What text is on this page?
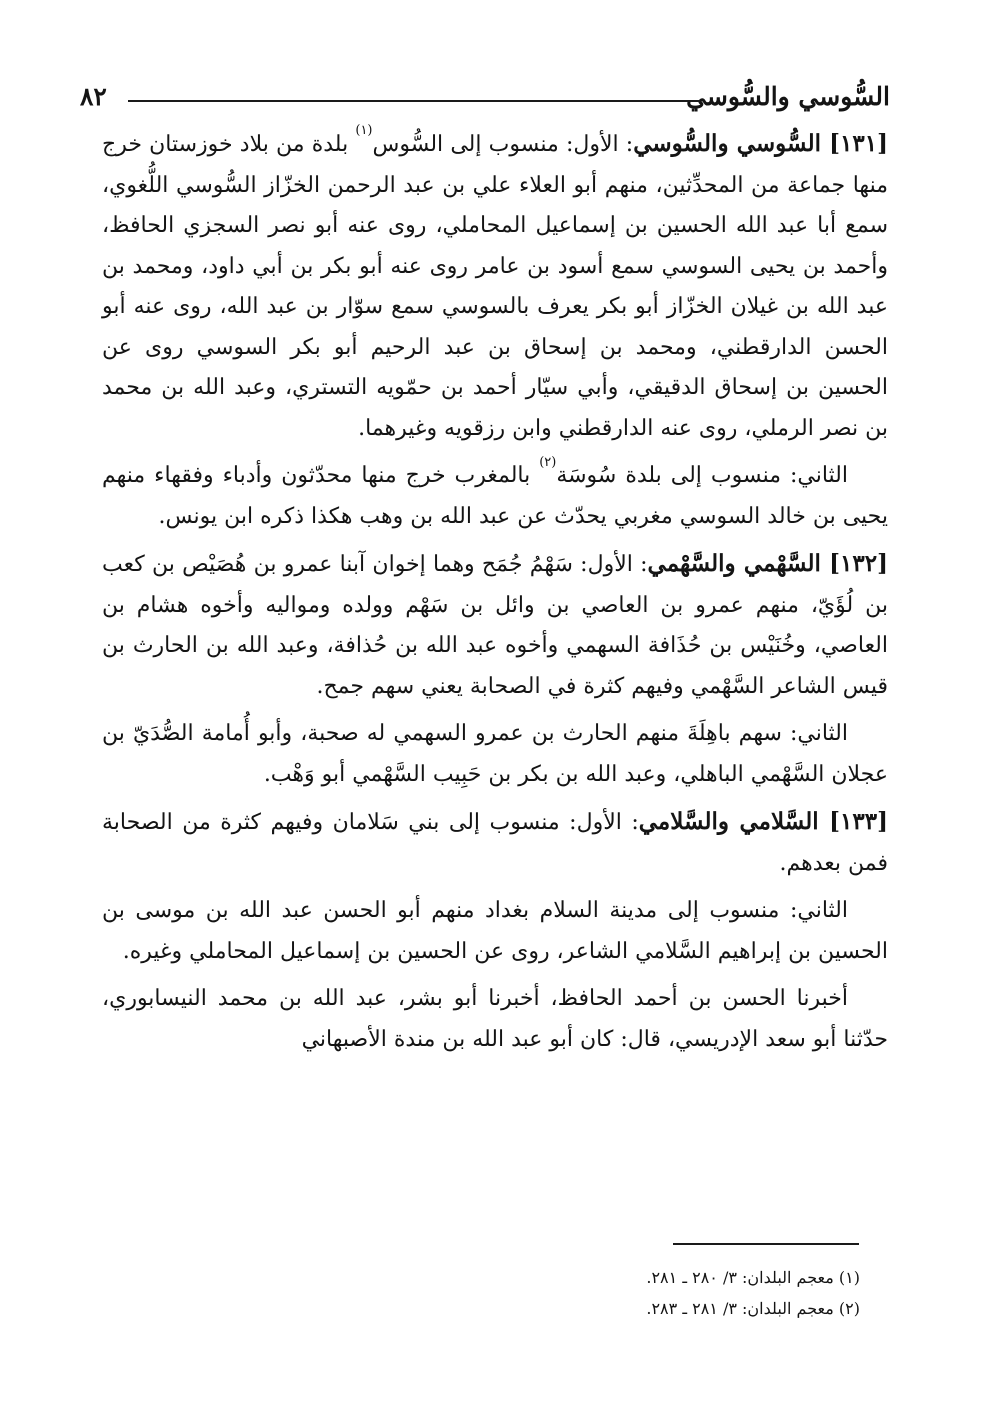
السُّوسي والسُّوسي
٨٢

[١٣١] السُّوسي والسُّوسي: الأول: منسوب إلى السُّوس$^{(١)}$ بلدة من بلاد خوزستان خرج منها جماعة من المحدِّثين، منهم أبو العلاء علي بن عبد الرحمن الخزّاز السُّوسي اللُّغوي، سمع أبا عبد الله الحسين بن إسماعيل المحاملي، روى عنه أبو نصر السجزي الحافظ، وأحمد بن يحيى السوسي سمع أسود بن عامر روى عنه أبو بكر بن أبي داود، ومحمد بن عبد الله بن غيلان الخزّاز أبو بكر يعرف بالسوسي سمع سوّار بن عبد الله، روى عنه أبو الحسن الدارقطني، ومحمد بن إسحاق بن عبد الرحيم أبو بكر السوسي روى عن الحسين بن إسحاق الدقيقي، وأبي سيّار أحمد بن حمّويه التستري، وعبد الله بن محمد بن نصر الرملي، روى عنه الدارقطني وابن رزقويه وغيرهما.

الثاني: منسوب إلى بلدة سُوسَة$^{(٢)}$ بالمغرب خرج منها محدّثون وأدباء وفقهاء منهم يحيى بن خالد السوسي مغربي يحدّث عن عبد الله بن وهب هكذا ذكره ابن يونس.

[١٣٢] السَّهْمي والسَّهْمي: الأول: سَهْمُ جُمَح وهما إخوان آبنا عمرو بن هُصَيْص بن كعب بن لُؤَيّ، منهم عمرو بن العاصي بن وائل بن سَهْم وولده ومواليه وأخوه هشام بن العاصي، وخُنَيْس بن حُذَافة السهمي وأخوه عبد الله بن حُذافة، وعبد الله بن الحارث بن قيس الشاعر السَّهْمي وفيهم كثرة في الصحابة يعني سهم جمح.

الثاني: سهم باهِلَةَ منهم الحارث بن عمرو السهمي له صحبة، وأبو أُمامة الصُّدَيّ بن عجلان السَّهْمي الباهلي، وعبد الله بن بكر بن حَبِيب السَّهْمي أبو وَهْب.

[١٣٣] السَّلامي والسَّلامي: الأول: منسوب إلى بني سَلامان وفيهم كثرة من الصحابة فمن بعدهم.

الثاني: منسوب إلى مدينة السلام بغداد منهم أبو الحسن عبد الله بن موسى بن الحسين بن إبراهيم السَّلامي الشاعر، روى عن الحسين بن إسماعيل المحاملي وغيره.

أخبرنا الحسن بن أحمد الحافظ، أخبرنا أبو بشر، عبد الله بن محمد النيسابوري، حدّثنا أبو سعد الإدريسي، قال: كان أبو عبد الله بن مندة الأصبهاني

(١) معجم البلدان: ٣/ ٢٨٠ ـ ٢٨١.
(٢) معجم البلدان: ٣/ ٢٨١ ـ ٢٨٣.
